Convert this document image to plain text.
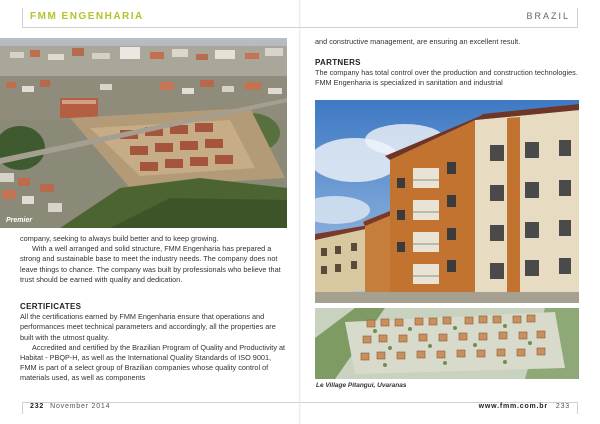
FMM ENGENHARIA
Premier

company, seeking to always build better and to keep growing.

With a well arranged and solid structure, FMM Engenharia has prepared a strong and sustainable base to meet the industry needs. The company does not leave things to chance. The company was built by professionals who believe that trust should be earned with quality and dedication.

CERTIFICATES

All the certifications earned by FMM Engenharia ensure that operations and performances meet technical parameters and accordingly, all the properties are built with the utmost quality.

Accredited and certified by the Brazilian Program of Quality and Productivity at Habitat - PBQP-H, as well as the International Quality Standards of ISO 9001, FMM is part of a select group of Brazilian companies whose quality control of materials used, as well as components

232 November 2014
BRAZIL

and constructive management, are ensuring an excellent result.

PARTNERS

The company has total control over the production and construction technologies. FMM Engenharia is specialized in sanitation and industrial

Le Village Pitangui, Uvaranas
www.fmm.com.br 233
